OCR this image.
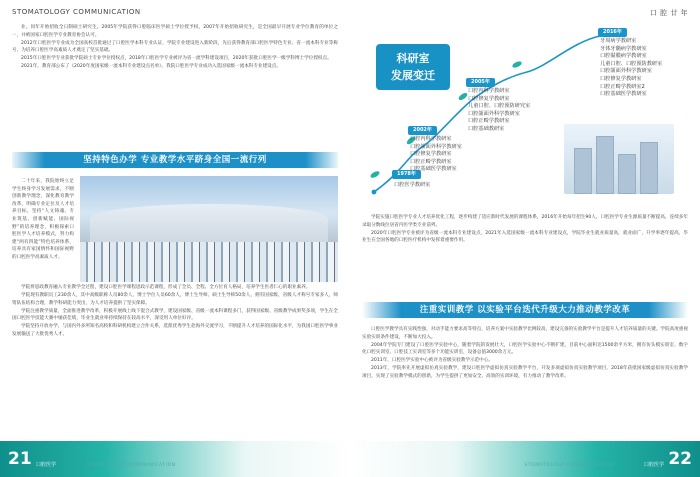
STOMATOLOGY COMMUNICATION

业。同年开始招收全日制硕士研究生。2005年学院获得口腔临床医学硕士学位授予权，2007年开始招收研究生，是全国最早开展专业学位教育的单位之一，并被国家口腔医学专业教育协会认可。

2012年口腔医学专业成为全国高校首批通过了口腔医学本科专业认证，学院专业建设进入新阶段，先后获得教育部口腔医学特色专业、省一流本科专业等称号，为培养口腔医学高素质人才奠定了坚实基础。

2015年口腔医学专业获批学院硕士专业学位授权点，2018年口腔医学专业被评为省一流学科建设项目，2020年获批口腔医学一级学科博士学位授权点。

2021年，教育部公布了《2020年度国家级一流本科专业建设点名单》，我院口腔医学专业成功入选国家级一流本科专业建设点。

坚持特色办学 专业教学水平跻身全国一流行列

二十年来，我院始终立足学生终身学习发展需求，不断创新教学理念，深化教育教学改革，明确专业定位及人才培养目标，坚持“人文铸魂、专业筑基、创新赋能、国际视野”的培养理念，积极探索口腔医学人才培养模式，努力构建“两有四能”特色培养体系，培养具有家国情怀和国际视野的口腔医学高素质人才。

学院将思政教育融入专业教学全过程，建设口腔医学课程思政示范课程，形成了全员、全程、全方位育人格局，培养学生医者仁心的职业素养。

学院现有教职员工230余人，其中高级职称人员80余人，博士学位人员60余人，博士生导师、硕士生导师50余人，拥有国家级、省级人才称号专家多人，师资队伍结构合理，教学科研能力突出，为人才培养提供了坚实保障。

学院注重教学质量，全面推进教学改革，积极开展线上线下混合式教学，建设国家级、省级一流本科课程多门，获得国家级、省级教学成果奖多项，学生在全国口腔医学技能大赛中屡获佳绩，毕业生就业率持续保持在较高水平，深受用人单位好评。

学院坚持开放办学，与国内外多所知名高校和科研机构建立合作关系，选派优秀学生赴海外交流学习，不断提升人才培养的国际化水平，为我国口腔医学事业发展输送了大批优秀人才。

21 口腔医学	STOMATOLOGY COMMUNICATION
口 腔 廿 年
科研室
发展变迁
1978年
口腔医学教研室
2002年
口腔内科学教研室
口腔颌面外科学教研室
口腔修复学教研室
口腔正畸学教研室
口腔基础医学教研室
2005年
口腔内科学教研室
口腔修复学教研室
儿童口腔、口腔预防研究室
口腔颌面外科学教研室
口腔正畸学教研室
口腔基础教研室
2016年
牙周病学教研室
牙体牙髓病学教研室
口腔黏膜病学教研室
儿童口腔、口腔预防教研室
口腔颌面外科学教研室
口腔修复学教研室
口腔正畸学教研室2
口腔基础医学教研室

学院实施口腔医学专业人才培养优化工程，逐步构建了适应新时代发展的课程体系，2016年开始每年招生90人，口腔医学专业生源质量不断提高，连续多年录取分数线位居省内医学类专业前列。

2020年口腔医学专业被评为省级一流本科专业建设点，2021年入选国家级一流本科专业建设点，学院毕业生就业质量高，就业面广，升学率逐年提高，毕业生在全国各地的口腔医疗机构中发挥着重要作用。

注重实训教学 以实验平台迭代升级大力推动教学改革

口腔医学教学具有实践性强、对动手能力要求高等特点，培养方案中实验教学比例较高，建设完备的实验教学平台是提升人才培养质量的关键。学院高度重视实验实训条件建设，不断加大投入。

2004年学院专门建设了口腔医学实验中心，随着学院的发展壮大，口腔医学实验中心不断扩建，目前中心面积达1500余平方米，拥有仿头模实训室、数字化口腔实训室、口腔技工实训室等多个功能实训室，设备总值3000余万元。

2011年，口腔医学实验中心被评为省级实验教学示范中心。

2013年，学院率先开展虚拟仿真实验教学，建设口腔医学虚拟仿真实验教学平台，开发多项虚拟仿真实验教学项目，2018年获批国家级虚拟仿真实验教学项目，实现了实验教学模式的创新，为学生提供了更加安全、高效的实训环境，有力推动了教学改革。

22
口腔医学
STOMATOLOGY COMMUNICATION
